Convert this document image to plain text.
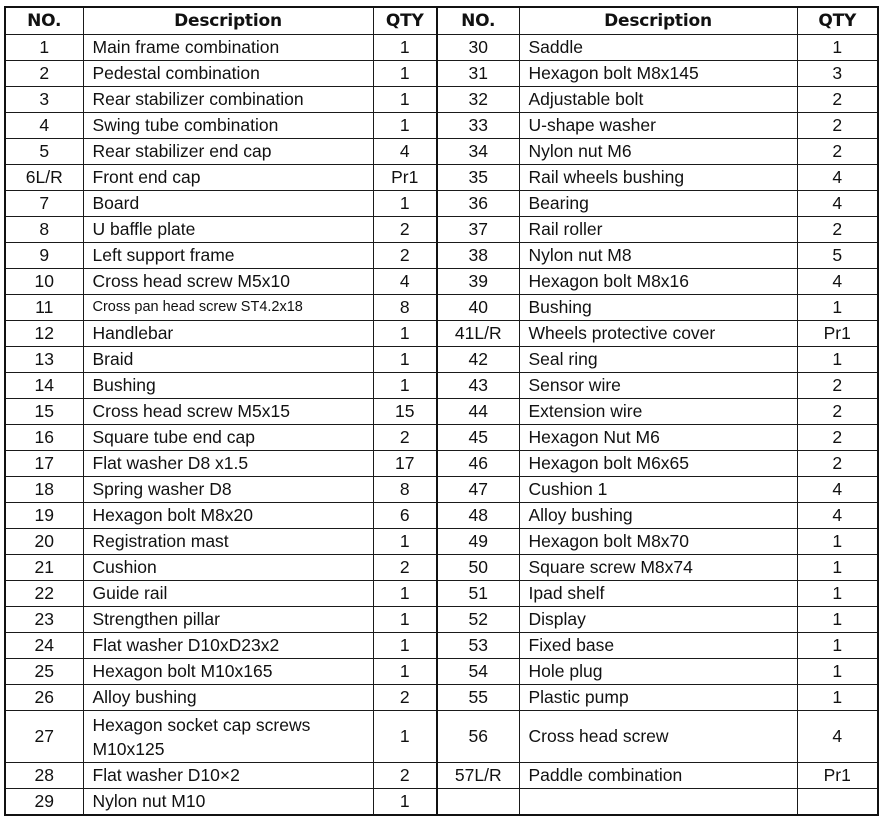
NO.	Description	QTY	NO.	Description	QTY
1	Main frame combination	1	30	Saddle	1
2	Pedestal combination	1	31	Hexagon bolt M8x145	3
3	Rear stabilizer combination	1	32	Adjustable bolt	2
4	Swing tube combination	1	33	U-shape washer	2
5	Rear stabilizer end cap	4	34	Nylon nut M6	2
6L/R	Front end cap	Pr1	35	Rail wheels bushing	4
7	Board	1	36	Bearing	4
8	U baffle plate	2	37	Rail roller	2
9	Left support frame	2	38	Nylon nut M8	5
10	Cross head screw M5x10	4	39	Hexagon bolt M8x16	4
11	Cross pan head screw ST4.2x18	8	40	Bushing	1
12	Handlebar	1	41L/R	Wheels protective cover	Pr1
13	Braid	1	42	Seal ring	1
14	Bushing	1	43	Sensor wire	2
15	Cross head screw M5x15	15	44	Extension wire	2
16	Square tube end cap	2	45	Hexagon Nut M6	2
17	Flat washer D8 x1.5	17	46	Hexagon bolt M6x65	2
18	Spring washer D8	8	47	Cushion 1	4
19	Hexagon bolt M8x20	6	48	Alloy bushing	4
20	Registration mast	1	49	Hexagon bolt M8x70	1
21	Cushion	2	50	Square screw M8x74	1
22	Guide rail	1	51	Ipad shelf	1
23	Strengthen pillar	1	52	Display	1
24	Flat washer D10xD23x2	1	53	Fixed base	1
25	Hexagon bolt M10x165	1	54	Hole plug	1
26	Alloy bushing	2	55	Plastic pump	1
27	Hexagon socket cap screws M10x125	1	56	Cross head screw	4
28	Flat washer D10×2	2	57L/R	Paddle combination	Pr1
29	Nylon nut M10	1			
